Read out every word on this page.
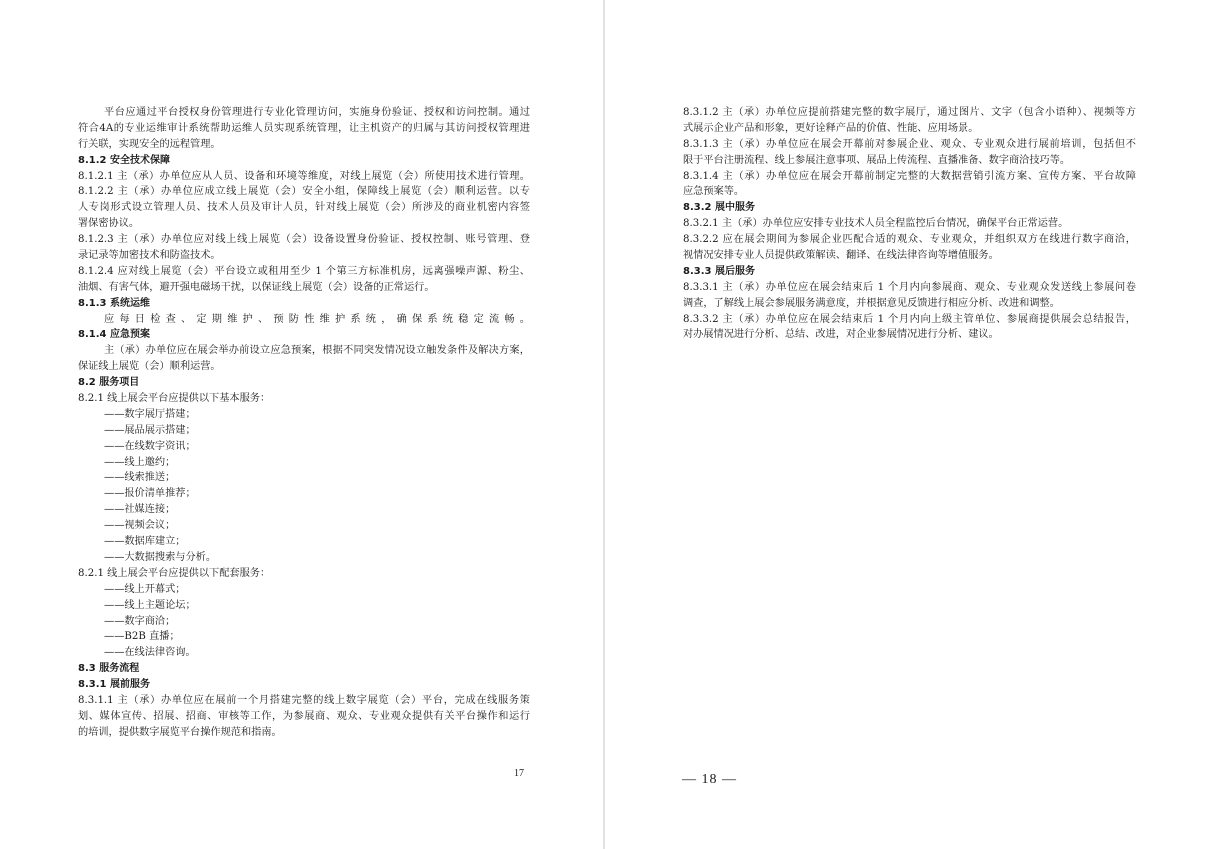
平台应通过平台授权身份管理进行专业化管理访问，实施身份验证、授权和访问控制。通过
符合4A的专业运维审计系统帮助运维人员实现系统管理，让主机资产的归属与其访问授权管理进
行关联，实现安全的远程管理。
8.1.2 安全技术保障
8.1.2.1 主（承）办单位应从人员、设备和环境等维度，对线上展览（会）所使用技术进行管理。
8.1.2.2 主（承）办单位应成立线上展览（会）安全小组，保障线上展览（会）顺利运营。以专
人专岗形式设立管理人员、技术人员及审计人员，针对线上展览（会）所涉及的商业机密内容签
署保密协议。
8.1.2.3 主（承）办单位应对线上线上展览（会）设备设置身份验证、授权控制、账号管理、登
录记录等加密技术和防盗技术。
8.1.2.4 应对线上展览（会）平台设立或租用至少 1 个第三方标准机房，远离强噪声源、粉尘、
油烟、有害气体，避开强电磁场干扰，以保证线上展览（会）设备的正常运行。
8.1.3 系统运维
应每日检查、定期维护、预防性维护系统，确保系统稳定流畅。
8.1.4 应急预案
主（承）办单位应在展会举办前设立应急预案，根据不同突发情况设立触发条件及解决方案，
保证线上展览（会）顺利运营。
8.2 服务项目
8.2.1 线上展会平台应提供以下基本服务：
——数字展厅搭建；
——展品展示搭建；
——在线数字资讯；
——线上邀约；
——线索推送；
——报价清单推荐；
——社媒连接；
——视频会议；
——数据库建立；
——大数据搜索与分析。
8.2.1 线上展会平台应提供以下配套服务：
——线上开幕式；
——线上主题论坛；
——数字商洽；
——B2B 直播；
——在线法律咨询。
8.3 服务流程
8.3.1 展前服务
8.3.1.1 主（承）办单位应在展前一个月搭建完整的线上数字展览（会）平台，完成在线服务策
划、媒体宣传、招展、招商、审核等工作，为参展商、观众、专业观众提供有关平台操作和运行
的培训，提供数字展览平台操作规范和指南。
8.3.1.2 主（承）办单位应提前搭建完整的数字展厅，通过图片、文字（包含小语种）、视频等方
式展示企业产品和形象，更好诠释产品的价值、性能、应用场景。
8.3.1.3 主（承）办单位应在展会开幕前对参展企业、观众、专业观众进行展前培训，包括但不
限于平台注册流程、线上参展注意事项、展品上传流程、直播准备、数字商洽技巧等。
8.3.1.4 主（承）办单位应在展会开幕前制定完整的大数据营销引流方案、宣传方案、平台故障
应急预案等。
8.3.2 展中服务
8.3.2.1 主（承）办单位应安排专业技术人员全程监控后台情况，确保平台正常运营。
8.3.2.2 应在展会期间为参展企业匹配合适的观众、专业观众，并组织双方在线进行数字商洽，
视情况安排专业人员提供政策解读、翻译、在线法律咨询等增值服务。
8.3.3 展后服务
8.3.3.1 主（承）办单位应在展会结束后 1 个月内向参展商、观众、专业观众发送线上参展问卷
调查，了解线上展会参展服务满意度，并根据意见反馈进行相应分析、改进和调整。
8.3.3.2 主（承）办单位应在展会结束后 1 个月内向上级主管单位、参展商提供展会总结报告，
对办展情况进行分析、总结、改进，对企业参展情况进行分析、建议。
17	— 18 —
